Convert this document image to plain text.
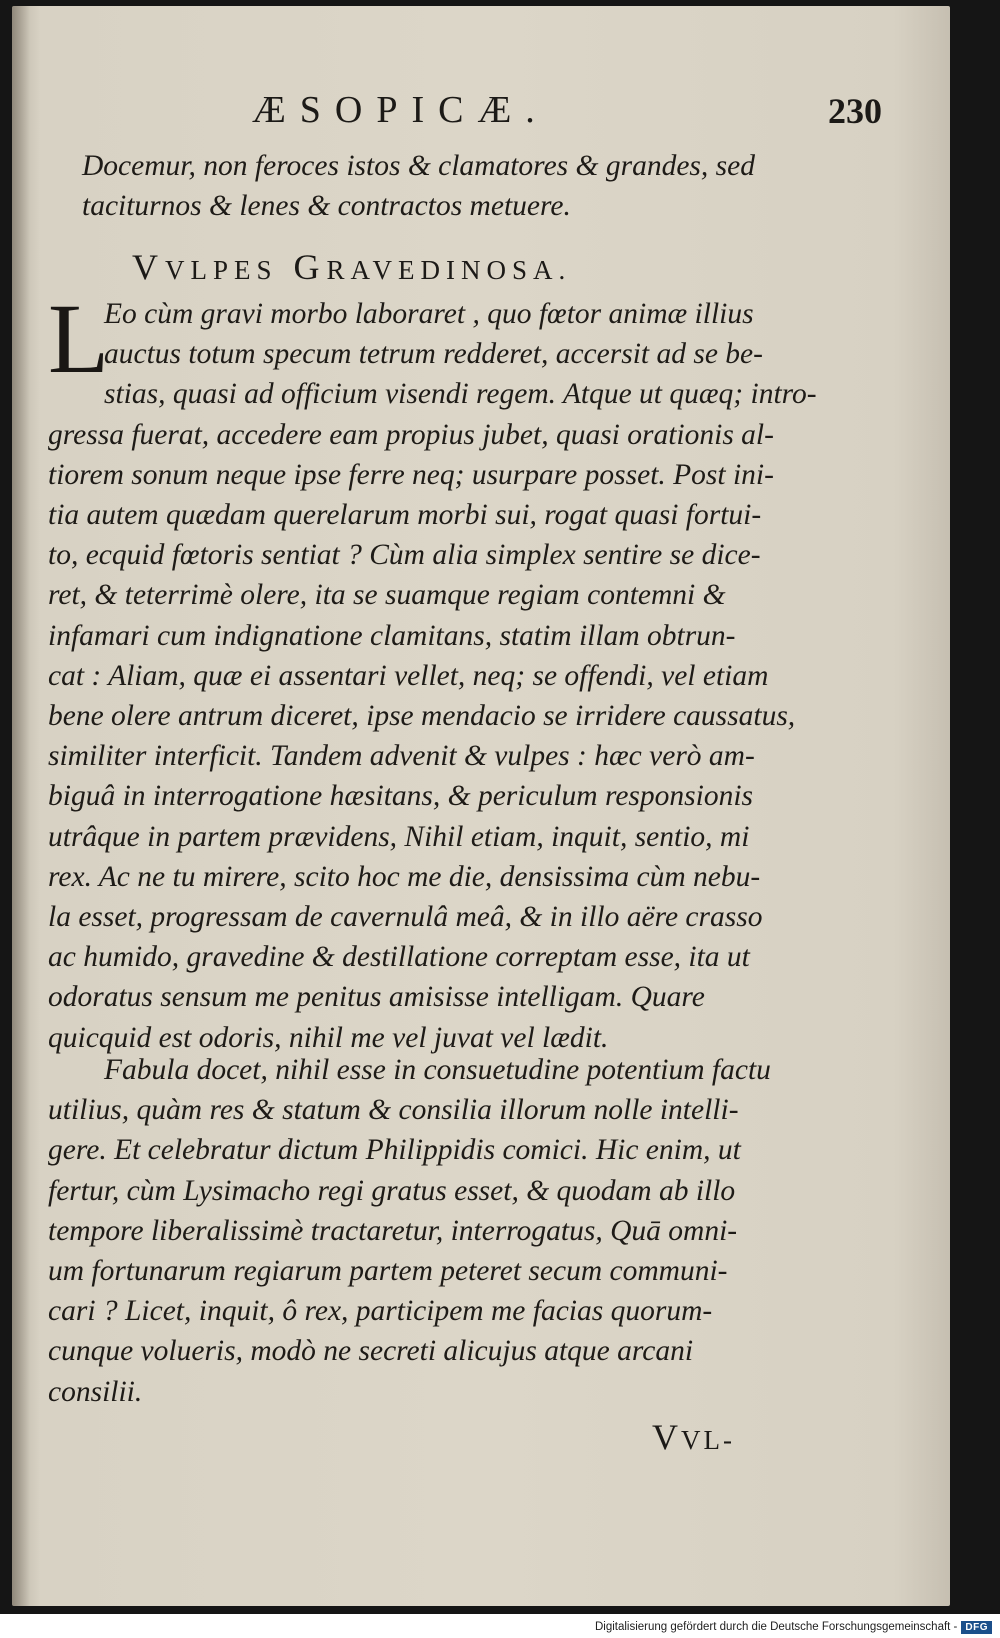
ÆSOPICÆ.	230
Docemur, non feroces istos & clamatores & grandes, sed
taciturnos & lenes & contractos metuere.
VVLPES GRAVEDINOSA.
L
Eo cùm gravi morbo laboraret , quo fœtor animæ illius
auctus totum specum tetrum redderet, accersit ad se be-
stias, quasi ad officium visendi regem. Atque ut quæq; intro-
gressa fuerat, accedere eam propius jubet, quasi orationis al-
tiorem sonum neque ipse ferre neq; usurpare posset. Post ini-
tia autem quædam querelarum morbi sui, rogat quasi fortui-
to, ecquid fœtoris sentiat ? Cùm alia simplex sentire se dice-
ret, & teterrimè olere, ita se suamque regiam contemni &
infamari cum indignatione clamitans, statim illam obtrun-
cat : Aliam, quæ ei assentari vellet, neq; se offendi, vel etiam
bene olere antrum diceret, ipse mendacio se irridere caussatus,
similiter interficit. Tandem advenit & vulpes : hæc verò am-
biguâ in interrogatione hæsitans, & periculum responsionis
utrâque in partem prævidens, Nihil etiam, inquit, sentio, mi
rex. Ac ne tu mirere, scito hoc me die, densissima cùm nebu-
la esset, progressam de cavernulâ meâ, & in illo aëre crasso
ac humido, gravedine & destillatione correptam esse, ita ut
odoratus sensum me penitus amisisse intelligam. Quare
quicquid est odoris, nihil me vel juvat vel lædit.
Fabula docet, nihil esse in consuetudine potentium factu
utilius, quàm res & statum & consilia illorum nolle intelli-
gere. Et celebratur dictum Philippidis comici. Hic enim, ut
fertur, cùm Lysimacho regi gratus esset, & quodam ab illo
tempore liberalissimè tractaretur, interrogatus, Quā omni-
um fortunarum regiarum partem peteret secum communi-
cari ? Licet, inquit, ô rex, participem me facias quorum-
cunque volueris, modò ne secreti alicujus atque arcani
consilii.
VVL-
Digitalisierung gefördert durch die Deutsche Forschungsgemeinschaft - DFG
